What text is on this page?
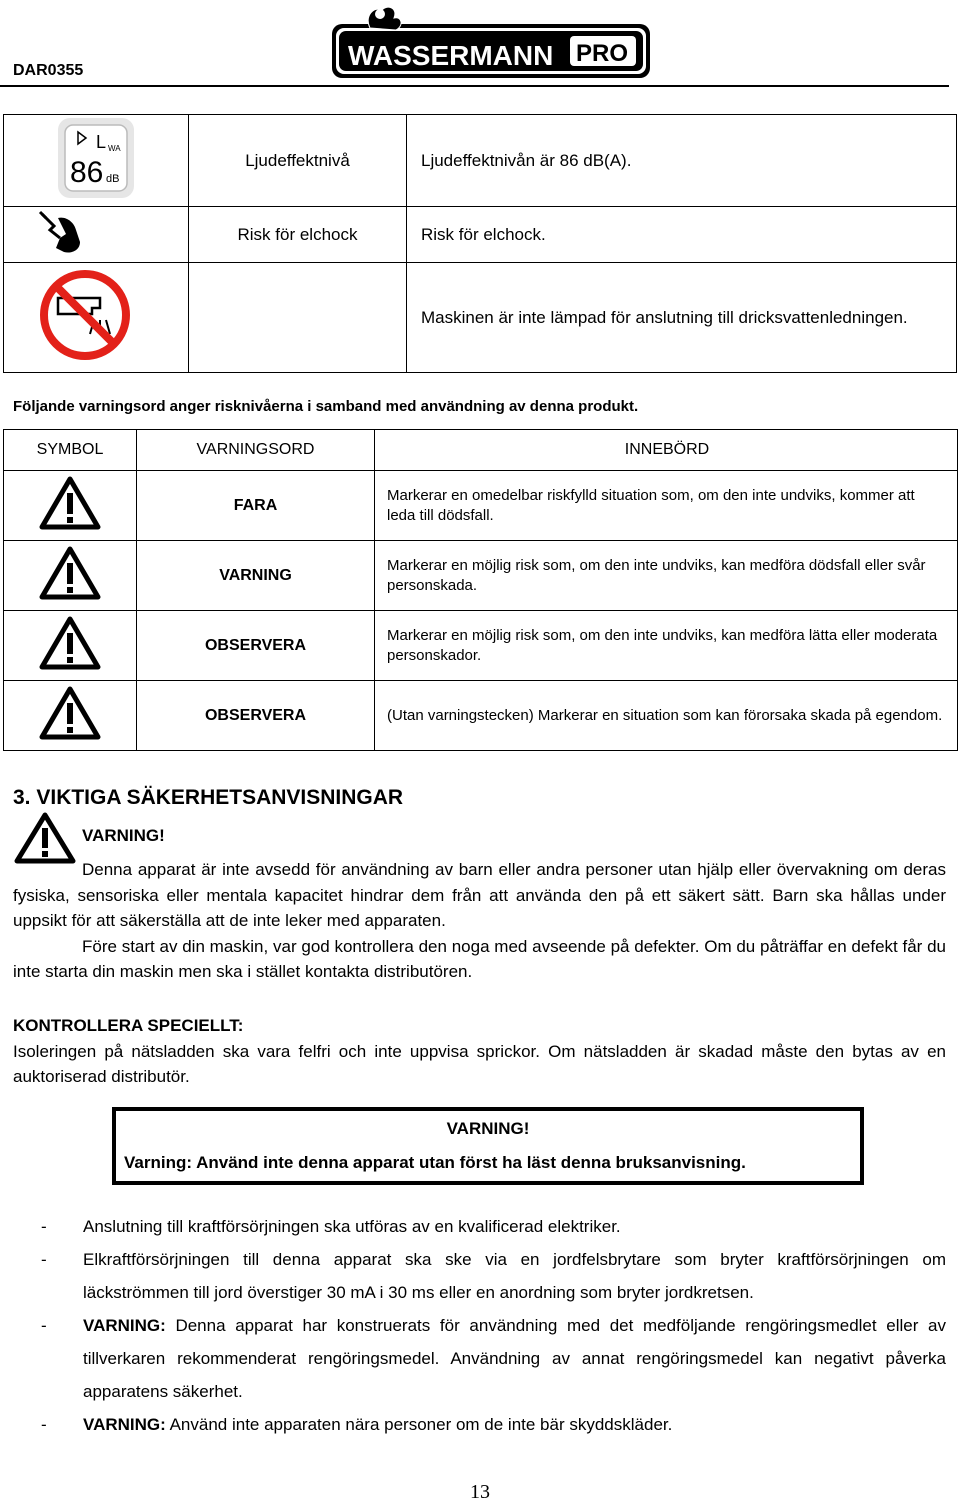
DAR0355	WASSERMANN PRO
L WA
86 dB	Ljudeffektnivå	Ljudeffektnivån är 86 dB(A).
	Risk för elchock	Risk för elchock.
		Maskinen är inte lämpad för anslutning till dricksvattenledningen.
Följande varningsord anger risknivåerna i samband med användning av denna produkt.
SYMBOL	VARNINGSORD	INNEBÖRD
	FARA	Markerar en omedelbar riskfylld situation som, om den inte undviks, kommer att leda till dödsfall.
	VARNING	Markerar en möjlig risk som, om den inte undviks, kan medföra dödsfall eller svår personskada.
	OBSERVERA	Markerar en möjlig risk som, om den inte undviks, kan medföra lätta eller moderata personskador.
	OBSERVERA	(Utan varningstecken) Markerar en situation som kan förorsaka skada på egendom.
3. VIKTIGA SÄKERHETSANVISNINGAR
VARNING!
Denna apparat är inte avsedd för användning av barn eller andra personer utan hjälp eller övervakning om deras fysiska, sensoriska eller mentala kapacitet hindrar dem från att använda den på ett säkert sätt. Barn ska hållas under uppsikt för att säkerställa att de inte leker med apparaten.
Före start av din maskin, var god kontrollera den noga med avseende på defekter. Om du påträffar en defekt får du inte starta din maskin men ska i stället kontakta distributören.
KONTROLLERA SPECIELLT:
Isoleringen på nätsladden ska vara felfri och inte uppvisa sprickor. Om nätsladden är skadad måste den bytas av en auktoriserad distributör.
VARNING!
Varning: Använd inte denna apparat utan först ha läst denna bruksanvisning.
- Anslutning till kraftförsörjningen ska utföras av en kvalificerad elektriker.
- Elkraftförsörjningen till denna apparat ska ske via en jordfelsbrytare som bryter kraftförsörjningen om läckströmmen till jord överstiger 30 mA i 30 ms eller en anordning som bryter jordkretsen.
- VARNING: Denna apparat har konstruerats för användning med det medföljande rengöringsmedlet eller av tillverkaren rekommenderat rengöringsmedel. Användning av annat rengöringsmedel kan negativt påverka apparatens säkerhet.
- VARNING: Använd inte apparaten nära personer om de inte bär skyddskläder.
13
